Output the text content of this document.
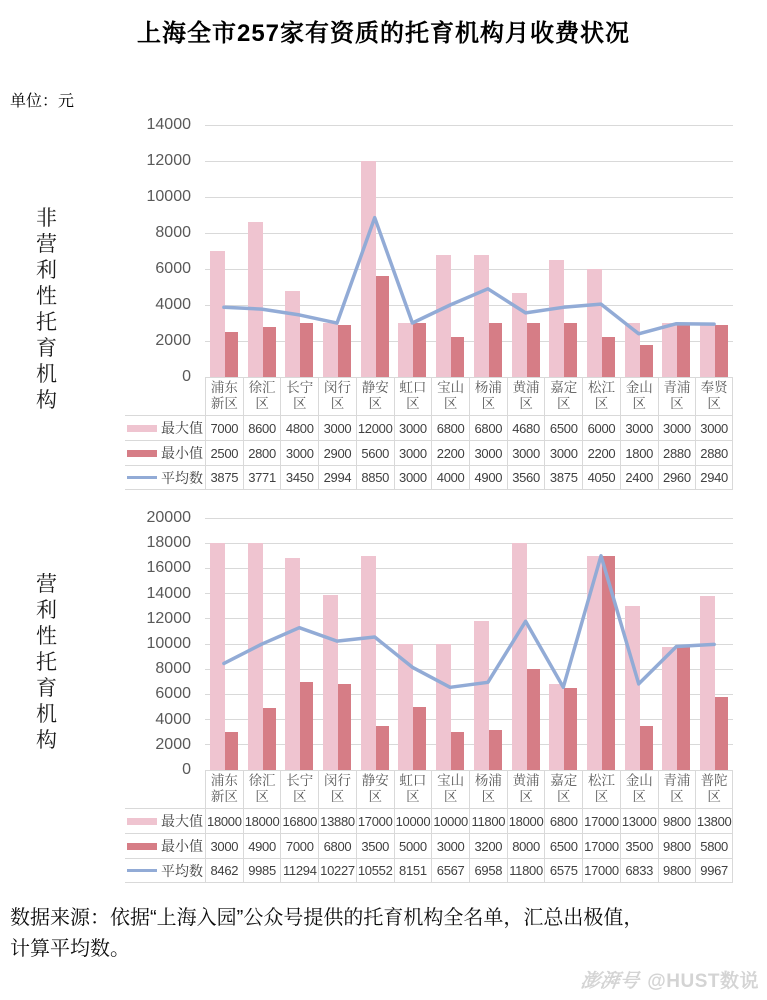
上海全市257家有资质的托育机构月收费状况
单位：元
非营利性托育机构
营利性托育机构
0
2000
4000
6000
8000
10000
12000
14000
浦东
新区
徐汇
区
长宁
区
闵行
区
静安
区
虹口
区
宝山
区
杨浦
区
黄浦
区
嘉定
区
松江
区
金山
区
青浦
区
奉贤
区
最大值 7000 8600 4800 3000 12000 3000 6800 6800 4680 6500 6000 3000 3000 3000
最小值 2500 2800 3000 2900 5600 3000 2200 3000 3000 3000 2200 1800 2880 2880
平均数 3875 3771 3450 2994 8850 3000 4000 4900 3560 3875 4050 2400 2960 2940
0
2000
4000
6000
8000
10000
12000
14000
16000
18000
20000
浦东
新区
徐汇
区
长宁
区
闵行
区
静安
区
虹口
区
宝山
区
杨浦
区
黄浦
区
嘉定
区
松江
区
金山
区
青浦
区
普陀
区
最大值 18000 18000 16800 13880 17000 10000 10000 11800 18000 6800 17000 13000 9800 13800
最小值 3000 4900 7000 6800 3500 5000 3000 3200 8000 6500 17000 3500 9800 5800
平均数 8462 9985 11294 10227 10552 8151 6567 6958 11800 6575 17000 6833 9800 9967
数据来源：依据“上海入园”公众号提供的托育机构全名单，汇总出极值，
计算平均数。
澎湃号 @HUST数说
